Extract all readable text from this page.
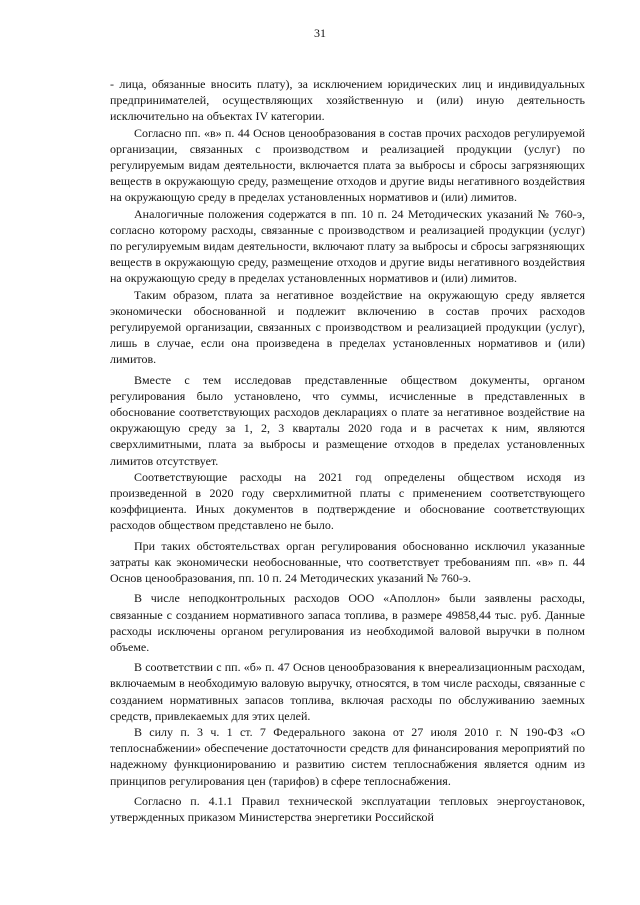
31

- лица, обязанные вносить плату), за исключением юридических лиц и индивидуальных предпринимателей, осуществляющих хозяйственную и (или) иную деятельность исключительно на объектах IV категории.

Согласно пп. «в» п. 44 Основ ценообразования в состав прочих расходов регулируемой организации, связанных с производством и реализацией продукции (услуг) по регулируемым видам деятельности, включается плата за выбросы и сбросы загрязняющих веществ в окружающую среду, размещение отходов и другие виды негативного воздействия на окружающую среду в пределах установленных нормативов и (или) лимитов.

Аналогичные положения содержатся в пп. 10 п. 24 Методических указаний № 760-э, согласно которому расходы, связанные с производством и реализацией продукции (услуг) по регулируемым видам деятельности, включают плату за выбросы и сбросы загрязняющих веществ в окружающую среду, размещение отходов и другие виды негативного воздействия на окружающую среду в пределах установленных нормативов и (или) лимитов.

Таким образом, плата за негативное воздействие на окружающую среду является экономически обоснованной и подлежит включению в состав прочих расходов регулируемой организации, связанных с производством и реализацией продукции (услуг), лишь в случае, если она произведена в пределах установленных нормативов и (или) лимитов.

Вместе с тем исследовав представленные обществом документы, органом регулирования было установлено, что суммы, исчисленные в представленных в обоснование соответствующих расходов декларациях о плате за негативное воздействие на окружающую среду за 1, 2, 3 кварталы 2020 года и в расчетах к ним, являются сверхлимитными, плата за выбросы и размещение отходов в пределах установленных лимитов отсутствует.

Соответствующие расходы на 2021 год определены обществом исходя из произведенной в 2020 году сверхлимитной платы с применением соответствующего коэффициента. Иных документов в подтверждение и обоснование соответствующих расходов обществом представлено не было.

При таких обстоятельствах орган регулирования обоснованно исключил указанные затраты как экономически необоснованные, что соответствует требованиям пп. «в» п. 44 Основ ценообразования, пп. 10 п. 24 Методических указаний № 760-э.

В числе неподконтрольных расходов ООО «Аполлон» были заявлены расходы, связанные с созданием нормативного запаса топлива, в размере 49858,44 тыс. руб. Данные расходы исключены органом регулирования из необходимой валовой выручки в полном объеме.

В соответствии с пп. «б» п. 47 Основ ценообразования к внереализационным расходам, включаемым в необходимую валовую выручку, относятся, в том числе расходы, связанные с созданием нормативных запасов топлива, включая расходы по обслуживанию заемных средств, привлекаемых для этих целей.

В силу п. 3 ч. 1 ст. 7 Федерального закона от 27 июля 2010 г. N 190-ФЗ «О теплоснабжении» обеспечение достаточности средств для финансирования мероприятий по надежному функционированию и развитию систем теплоснабжения является одним из принципов регулирования цен (тарифов) в сфере теплоснабжения.

Согласно п. 4.1.1 Правил технической эксплуатации тепловых энергоустановок, утвержденных приказом Министерства энергетики Российской
